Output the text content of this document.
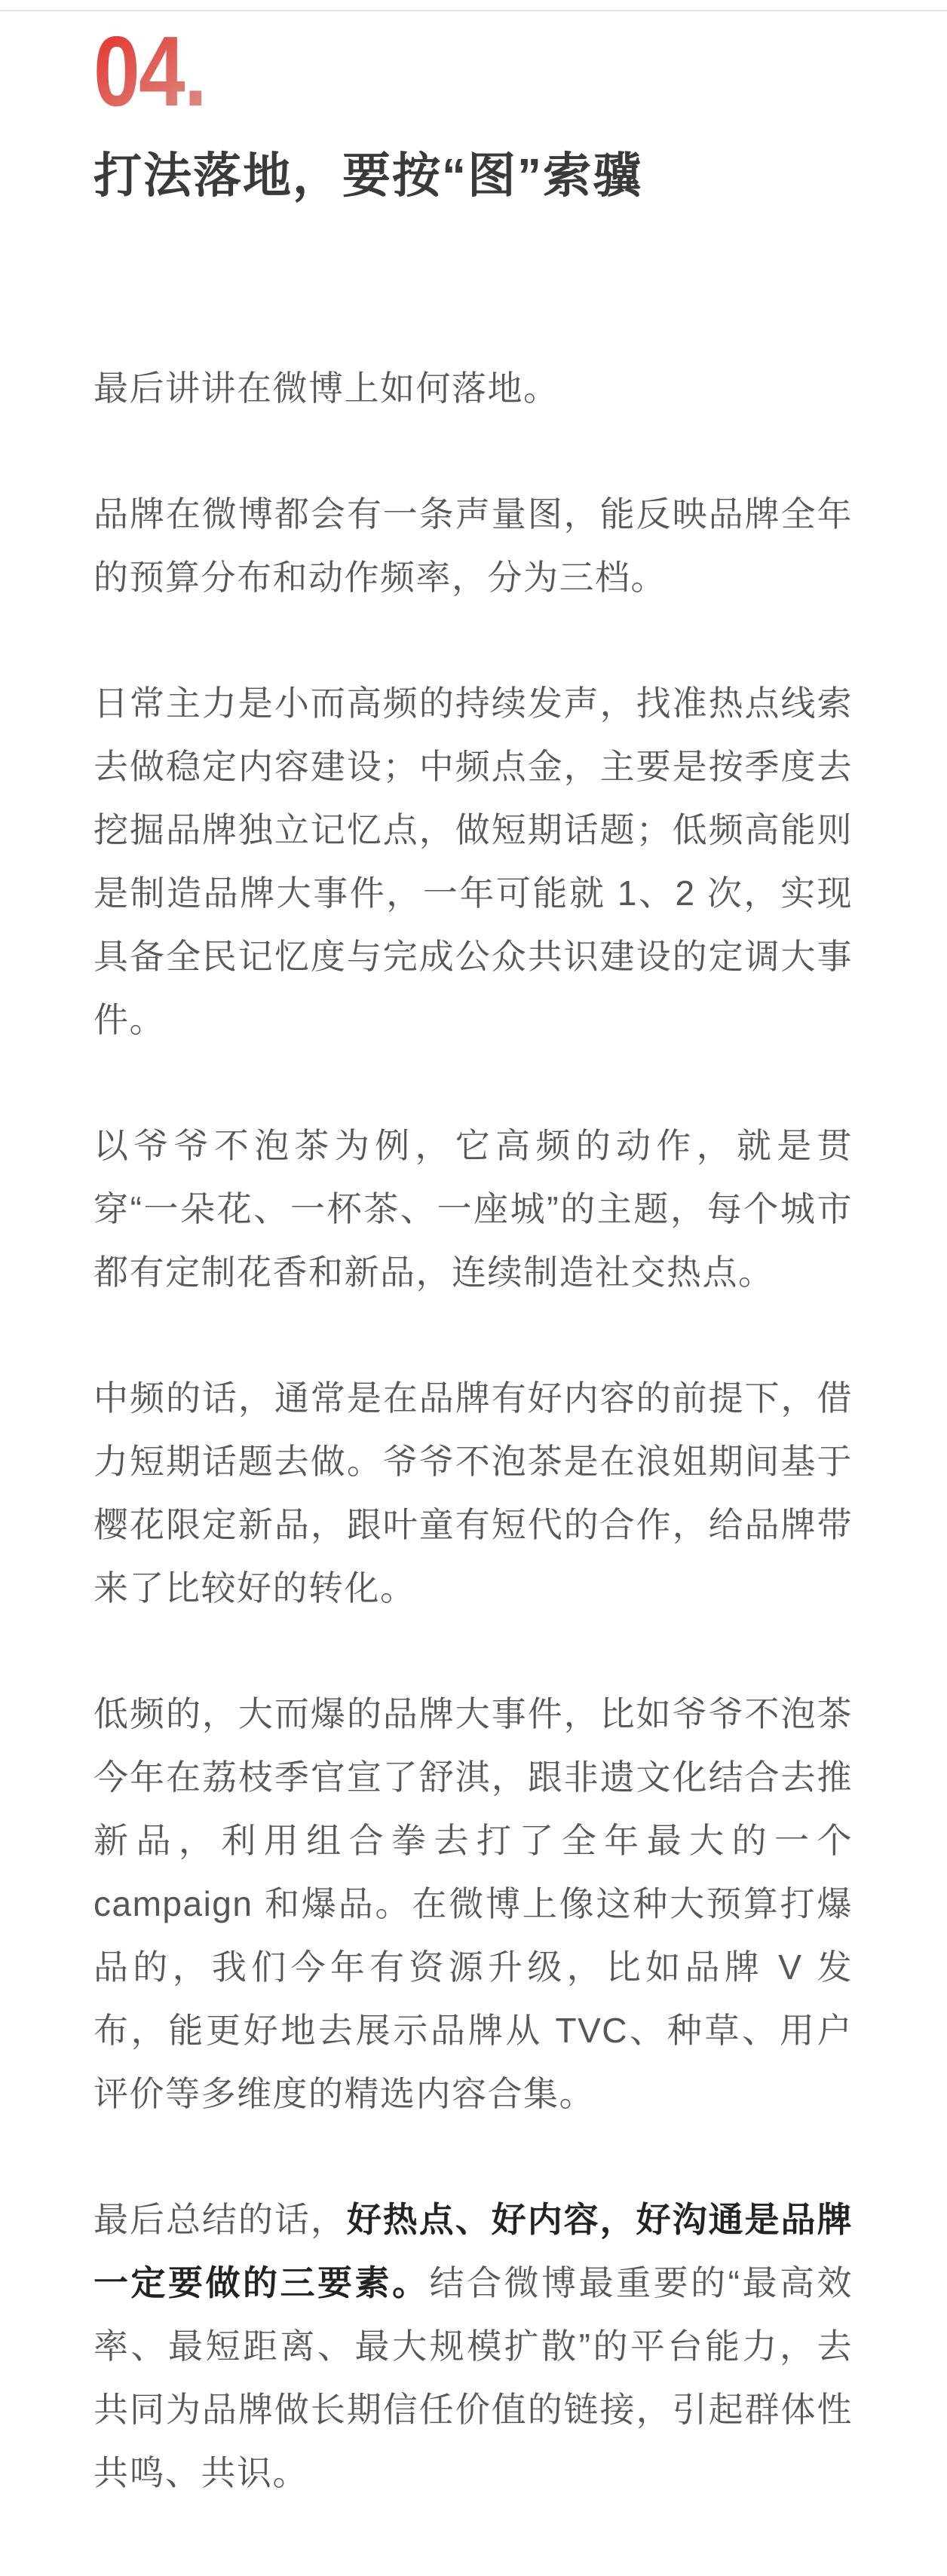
04.
打法落地，要按“图”索骥

最后讲讲在微博上如何落地。

品牌在微博都会有一条声量图，能反映品牌全年的预算分布和动作频率，分为三档。

日常主力是小而高频的持续发声，找准热点线索去做稳定内容建设；中频点金，主要是按季度去挖掘品牌独立记忆点，做短期话题；低频高能则是制造品牌大事件，一年可能就 1、2 次，实现具备全民记忆度与完成公众共识建设的定调大事件。

以爷爷不泡茶为例，它高频的动作，就是贯穿“一朵花、一杯茶、一座城”的主题，每个城市都有定制花香和新品，连续制造社交热点。

中频的话，通常是在品牌有好内容的前提下，借力短期话题去做。爷爷不泡茶是在浪姐期间基于樱花限定新品，跟叶童有短代的合作，给品牌带来了比较好的转化。

低频的，大而爆的品牌大事件，比如爷爷不泡茶今年在荔枝季官宣了舒淇，跟非遗文化结合去推新品，利用组合拳去打了全年最大的一个 campaign 和爆品。在微博上像这种大预算打爆品的，我们今年有资源升级，比如品牌 V 发布，能更好地去展示品牌从 TVC、种草、用户评价等多维度的精选内容合集。

最后总结的话，好热点、好内容，好沟通是品牌一定要做的三要素。结合微博最重要的“最高效率、最短距离、最大规模扩散”的平台能力，去共同为品牌做长期信任价值的链接，引起群体性共鸣、共识。
